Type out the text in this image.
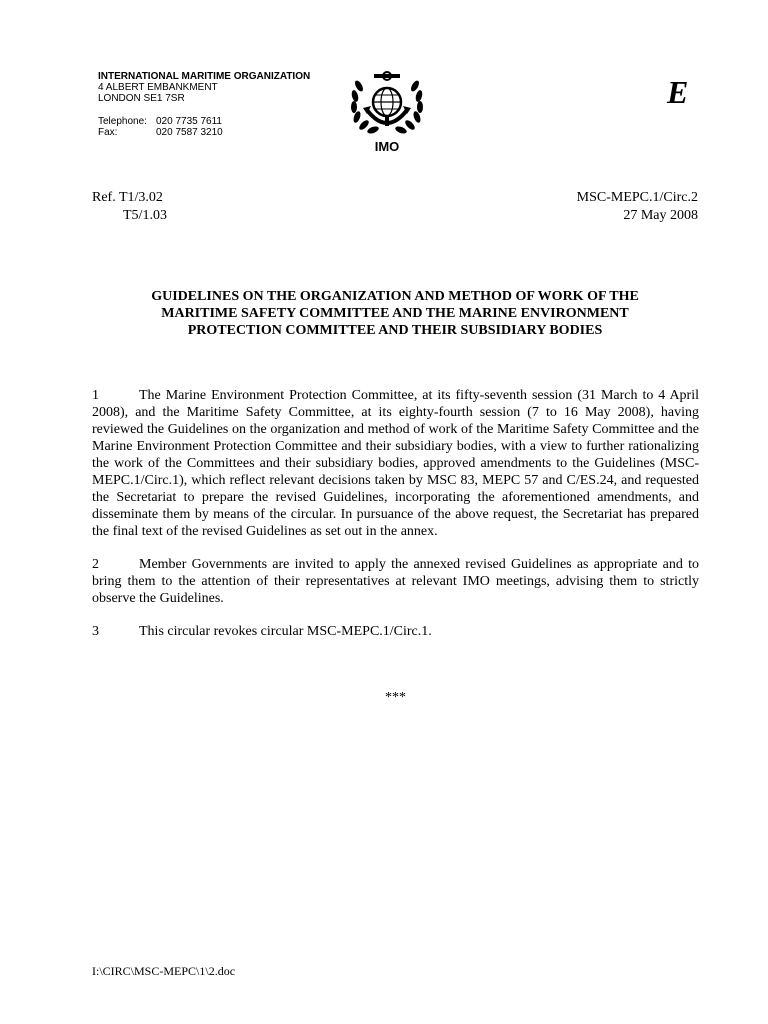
INTERNATIONAL MARITIME ORGANIZATION
4 ALBERT EMBANKMENT
LONDON SE1 7SR
Telephone: 020 7735 7611
Fax:	020 7587 3210
IMO
E
Ref. T1/3.02
T5/1.03
MSC-MEPC.1/Circ.2
27 May 2008
GUIDELINES ON THE ORGANIZATION AND METHOD OF WORK OF THE
MARITIME SAFETY COMMITTEE AND THE MARINE ENVIRONMENT
PROTECTION COMMITTEE AND THEIR SUBSIDIARY BODIES

1	The Marine Environment Protection Committee, at its fifty-seventh session (31 March to 4 April 2008), and the Maritime Safety Committee, at its eighty-fourth session (7 to 16 May 2008), having reviewed the Guidelines on the organization and method of work of the Maritime Safety Committee and the Marine Environment Protection Committee and their subsidiary bodies, with a view to further rationalizing the work of the Committees and their subsidiary bodies, approved amendments to the Guidelines (MSC-MEPC.1/Circ.1), which reflect relevant decisions taken by MSC 83, MEPC 57 and C/ES.24, and requested the Secretariat to prepare the revised Guidelines, incorporating the aforementioned amendments, and disseminate them by means of the circular. In pursuance of the above request, the Secretariat has prepared the final text of the revised Guidelines as set out in the annex.

2	Member Governments are invited to apply the annexed revised Guidelines as appropriate and to bring them to the attention of their representatives at relevant IMO meetings, advising them to strictly observe the Guidelines.

3	This circular revokes circular MSC-MEPC.1/Circ.1.

***
I:\CIRC\MSC-MEPC\1\2.doc
